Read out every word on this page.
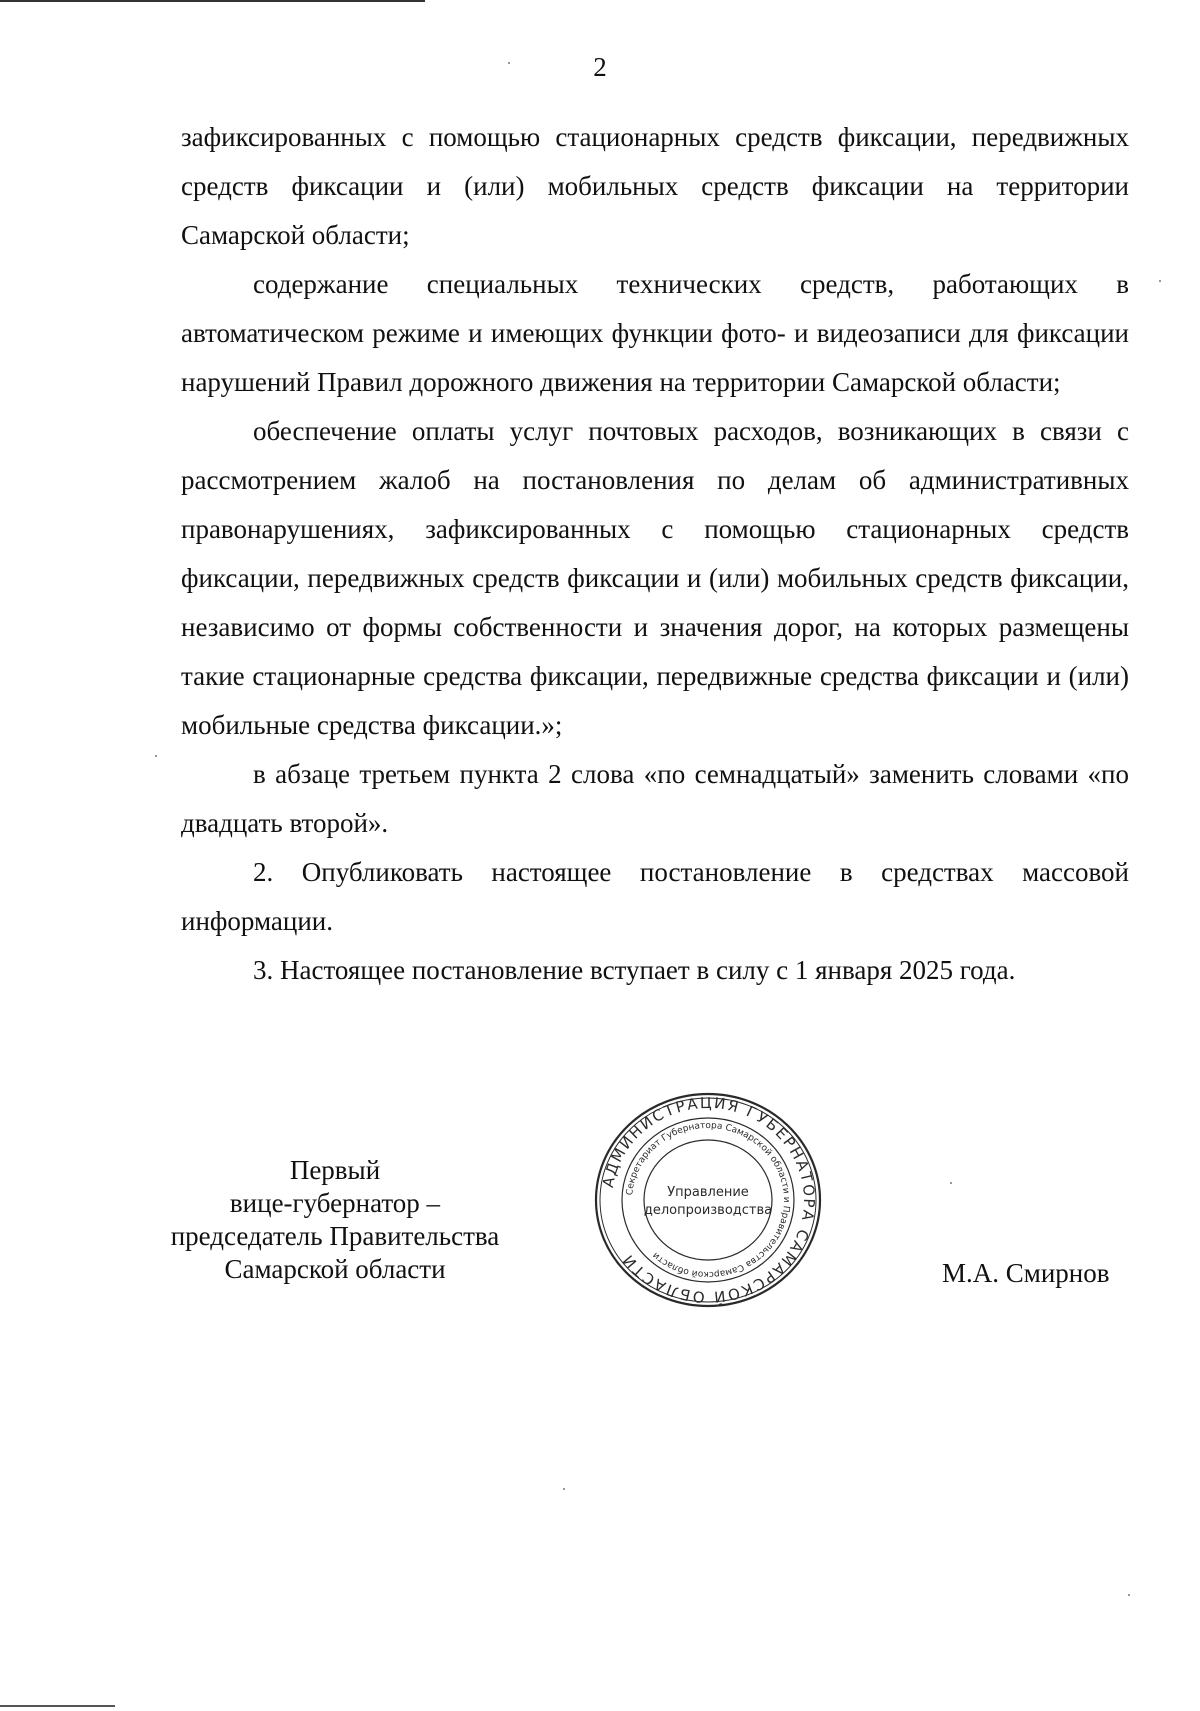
2

зафиксированных с помощью стационарных средств фиксации, передвижных средств фиксации и (или) мобильных средств фиксации на территории Самарской области;

содержание специальных технических средств, работающих в автоматическом режиме и имеющих функции фото- и видеозаписи для фиксации нарушений Правил дорожного движения на территории Самарской области;

обеспечение оплаты услуг почтовых расходов, возникающих в связи с рассмотрением жалоб на постановления по делам об административных правонарушениях, зафиксированных с помощью стационарных средств фиксации, передвижных средств фиксации и (или) мобильных средств фиксации, независимо от формы собственности и значения дорог, на которых размещены такие стационарные средства фиксации, передвижные средства фиксации и (или) мобильные средства фиксации.»;

в абзаце третьем пункта 2 слова «по семнадцатый» заменить словами «по двадцать второй».

2. Опубликовать настоящее постановление в средствах массовой информации.

3. Настоящее постановление вступает в силу с 1 января 2025 года.

Первый
вице-губернатор –
председатель Правительства
Самарской области
АДМИНИСТРАЦИЯ ГУБЕРНАТОРА САМАРСКОЙ ОБЛАСТИ
Секретариат Губернатора Самарской области и Правительства Самарской области
Управление
делопроизводства
М.А. Смирнов
